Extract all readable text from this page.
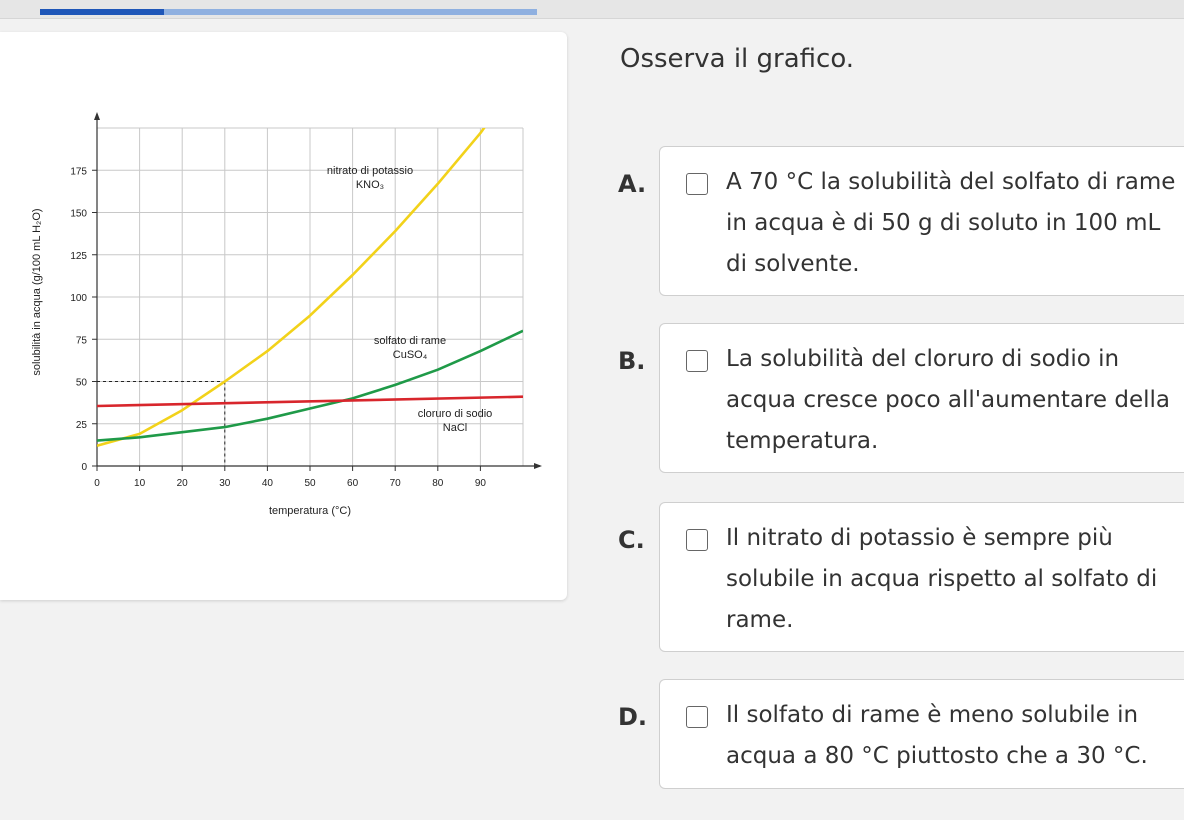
0
25
50
75
100
125
150
175
0	10	20	30	40	50	60	70	80	90
temperatura (°C)
solubilità in acqua (g/100 mL H₂O)
nitrato di potassio
KNO₃
solfato di rame
CuSO₄
cloruro di sodio
NaCl
Osserva il grafico.
A.	A 70 °C la solubilità del solfato di rame in acqua è di 50 g di soluto in 100 mL di solvente.
B.	La solubilità del cloruro di sodio in acqua cresce poco all'aumentare della temperatura.
C.	Il nitrato di potassio è sempre più solubile in acqua rispetto al solfato di rame.
D.	Il solfato di rame è meno solubile in acqua a 80 °C piuttosto che a 30 °C.
